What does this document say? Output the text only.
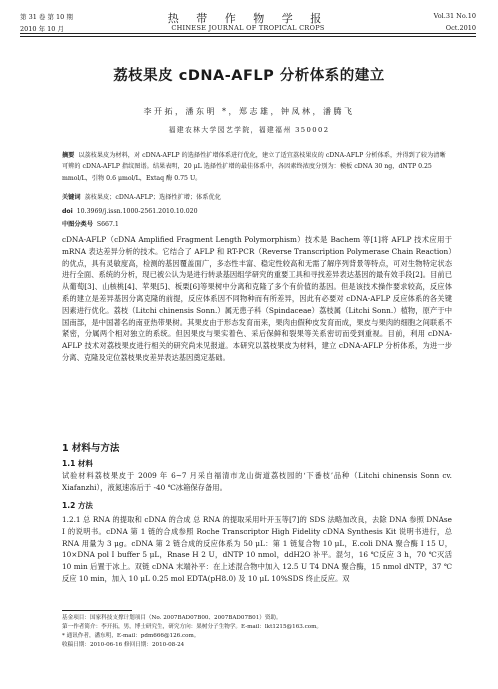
第 31 卷 第 10 期
2010 年 10 月
热 带 作 物 学 报
CHINESE JOURNAL OF TROPICAL CROPS
Vol.31 No.10
Oct.2010
荔枝果皮 cDNA-AFLP 分析体系的建立
李开拓，潘东明 *，郑志雄，钟凤林，潘腾飞
福建农林大学园艺学院，福建福州 350002
摘要 以荔枝果皮为材料，对 cDNA-AFLP 的选择性扩增体系进行优化，建立了适宜荔枝果皮的 cDNA-AFLP 分析体系，并得到了较为清晰可辨的 cDNA-AFLP 指纹图谱。结果表明，20 μL 选择性扩增的最佳体系中，各因素终浓度分别为：模板 cDNA 30 ng，dNTP 0.25 mmol/L，引物 0.6 μmol/L，Extaq 酶 0.75 U。
关键词 荔枝果皮；cDNA-AFLP；选择性扩增；体系优化
doi 10.3969/j.issn.1000-2561.2010.10.020
中图分类号 S667.1
cDNA-AFLP（cDNA Amplified Fragment Length Polymorphism）技术是 Bachem 等[1]将 AFLP 技术应用于 mRNA 表达差异分析的技术。它结合了 AFLP 和 RT-PCR（Reverse Transcription Polymerase Chain Reaction）的优点，具有灵敏度高，检测的基因覆盖面广，多态性丰富、稳定性较高和无需了解序列背景等特点，可对生物特定状态进行全面、系统的分析，现已被公认为是进行转录基因组学研究的重要工具和寻找差异表达基因的最有效手段[2]。目前已从葡萄[3]、山核桃[4]、苹果[5]、板栗[6]等果树中分离和克隆了多个有价值的基因。但是该技术操作要求较高，反应体系的建立是差异基因分离克隆的前提，反应体系因不同物种而有所差异，因此有必要对 cDNA-AFLP 反应体系的各关键因素进行优化。荔枝（Litchi chinensis Sonn.）属无患子科（Spindaceae）荔枝属（Litchi Sonn.）植物，原产于中国南部，是中国著名的南亚热带果树。其果皮由于形态发育而来，果肉由假种皮发育而成，果皮与果肉的细胞之间联系不紧密，分属两个相对独立的系统。但因果皮与果实着色、采后保鲜和裂果等关系密切而受到重视。目前，利用 cDNA-AFLP 技术对荔枝果皮进行相关的研究尚未见报道。本研究以荔枝果皮为材料，建立 cDNA-AFLP 分析体系，为进一步分离、克隆及定位荔枝果皮差异表达基因奠定基础。
1 材料与方法
1.1 材料
试验材料荔枝果皮于 2009 年 6~7 月采自福清市龙山街道荔枝园的‘下番枝’品种（Litchi chinensis Sonn cv. Xiafanzhi），液氮速冻后于 -40 ℃冰箱保存备用。
1.2 方法
1.2.1 总 RNA 的提取和 cDNA 的合成 总 RNA 的提取采用叶开玉等[7]的 SDS 法略加改良，去除 DNA 参照 DNAse Ⅰ 的说明书。cDNA 第 1 链的合成参照 Roche Transcriptor High Fidelity cDNA Synthesis Kit 说明书进行，总 RNA 用量为 3 μg。cDNA 第 2 链合成的反应体系为 50 μL：第 1 链复合物 10 μL，E.coli DNA 聚合酶 Ⅰ 15 U，10×DNA pol Ⅰ buffer 5 μL，Rnase H 2 U，dNTP 10 nmol，ddH2O 补平。混匀，16 ℃反应 3 h，70 ℃灭活 10 min 后置于冰上。双链 cDNA 末端补平：在上述混合物中加入 12.5 U T4 DNA 聚合酶，15 nmol dNTP，37 ℃反应 10 min，加入 10 μL 0.25 mol EDTA(pH8.0) 及 10 μL 10%SDS 终止反应。双
基金项目：国家科技支撑计划项目（No. 2007BAD07B00、2007BAD07B01）资助。
第一作者简介：李开拓，男，博士研究生，研究方向：果树分子生物学。E-mail：lkt1215@163.com。
* 通讯作者，潘东明，E-mail：pdm666@126.com。
收稿日期：2010-06-16 修回日期：2010-08-24
